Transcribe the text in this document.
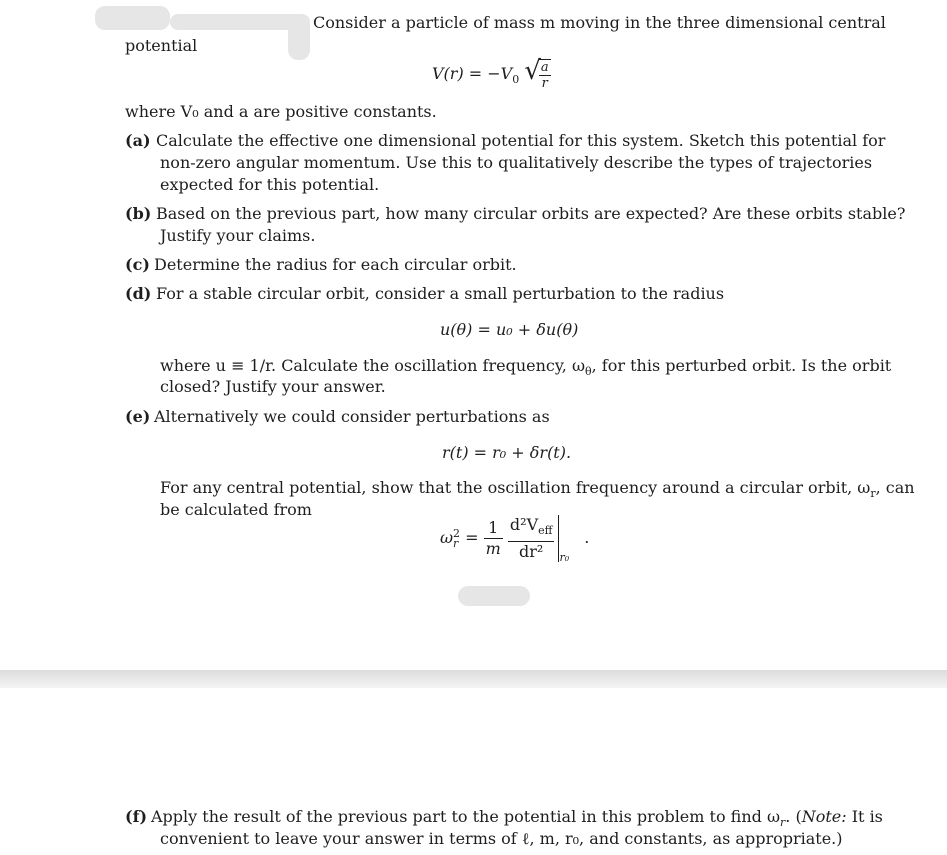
Consider a particle of mass m moving in the three dimensional central
potential
$V(r) = -V_0$ √
$\frac{a}{r}$
where V₀ and a are positive constants.
(a) Calculate the effective one dimensional potential for this system. Sketch this potential for
non-zero angular momentum. Use this to qualitatively describe the types of trajectories
expected for this potential.
(b) Based on the previous part, how many circular orbits are expected? Are these orbits stable?
Justify your claims.
(c) Determine the radius for each circular orbit.
(d) For a stable circular orbit, consider a small perturbation to the radius
u(θ) = u₀ + δu(θ)
where u ≡ 1/r. Calculate the oscillation frequency, $\omega_\theta$, for this perturbed orbit. Is the orbit
closed? Justify your answer.
(e) Alternatively we could consider perturbations as
r(t) = r₀ + δr(t).
For any central potential, show that the oscillation frequency around a circular orbit, $\omega_r$, can
be calculated from
ω 2
$r = \frac{1}{m}$
$\frac{d^2V_{eff}}{\text{dr²}} _{r_0}$ .
(f) Apply the result of the previous part to the potential in this problem to find $\omega_r$. (Note: It is
convenient to leave your answer in terms of ℓ, m, r₀, and constants, as appropriate.)
